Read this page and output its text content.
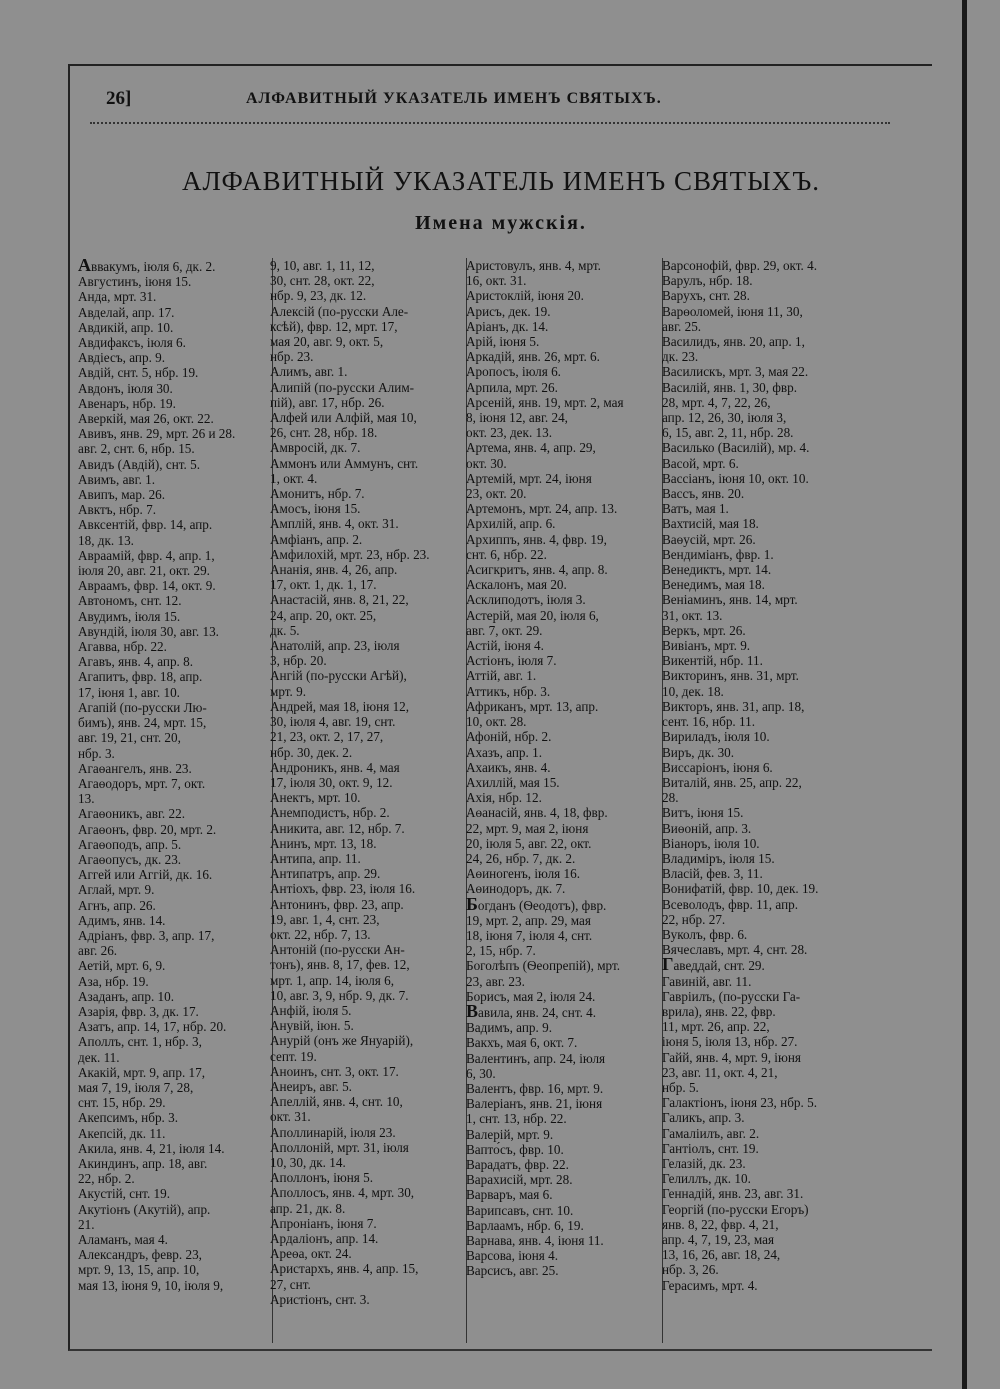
26]	АЛФАВИТНЫЙ УКАЗАТЕЛЬ ИМЕНЪ СВЯТЫХЪ.
АЛФАВИТНЫЙ УКАЗАТЕЛЬ ИМЕНЪ СВЯТЫХЪ.
Имена мужскія.
Аввакумъ, іюля 6, дк. 2.
Августинъ, іюня 15.
Анда, мрт. 31.
Авделай, апр. 17.
Авдикій, апр. 10.
Авдифаксъ, іюля 6.
Авдіесъ, апр. 9.
Авдій, снт. 5, нбр. 19.
Авдонъ, іюля 30.
Авенаръ, нбр. 19.
Аверкій, мая 26, окт. 22.
Авивъ, янв. 29, мрт. 26 и 28.
авг. 2, снт. 6, нбр. 15.
Авидъ (Авдій), снт. 5.
Авимъ, авг. 1.
Авипъ, мар. 26.
Авктъ, нбр. 7.
Авксентій, фвр. 14, апр.
18, дк. 13.
Авраамій, фвр. 4, апр. 1,
іюля 20, авг. 21, окт. 29.
Авраамъ, фвр. 14, окт. 9.
Автономъ, снт. 12.
Авудимъ, іюля 15.
Авундій, іюля 30, авг. 13.
Агавва, нбр. 22.
Агавъ, янв. 4, апр. 8.
Агапитъ, фвр. 18, апр.
17, іюня 1, авг. 10.
Агапій (по-русски Лю-
бимъ), янв. 24, мрт. 15,
авг. 19, 21, снт. 20,
нбр. 3.
Агаѳангелъ, янв. 23.
Агаѳодоръ, мрт. 7, окт.
13.
Агаѳоникъ, авг. 22.
Агаѳонъ, фвр. 20, мрт. 2.
Агаѳоподъ, апр. 5.
Агаѳопусъ, дк. 23.
Аггей или Аггій, дк. 16.
Аглай, мрт. 9.
Агнъ, апр. 26.
Адимъ, янв. 14.
Адріанъ, фвр. 3, апр. 17,
авг. 26.
Аетій, мрт. 6, 9.
Аза, нбр. 19.
Азаданъ, апр. 10.
Азарія, фвр. 3, дк. 17.
Азатъ, апр. 14, 17, нбр. 20.
Аполлъ, снт. 1, нбр. 3,
дек. 11.
Акакій, мрт. 9, апр. 17,
мая 7, 19, іюля 7, 28,
снт. 15, нбр. 29.
Акепсимъ, нбр. 3.
Акепсій, дк. 11.
Акила, янв. 4, 21, іюля 14.
Акиндинъ, апр. 18, авг.
22, нбр. 2.
Акустій, снт. 19.
Акутіонъ (Акутій), апр.
21.
Аламанъ, мая 4.
Александръ, февр. 23,
мрт. 9, 13, 15, апр. 10,
мая 13, іюня 9, 10, іюля 9,
9, 10, авг. 1, 11, 12,
30, снт. 28, окт. 22,
нбр. 9, 23, дк. 12.
Алексій (по-русски Але-
ксѣй), фвр. 12, мрт. 17,
мая 20, авг. 9, окт. 5,
нбр. 23.
Алимъ, авг. 1.
Алипій (по-русски Алим-
пій), авг. 17, нбр. 26.
Алфей или Алфій, мая 10,
26, снт. 28, нбр. 18.
Амвросій, дк. 7.
Аммонъ или Аммунъ, снт.
1, окт. 4.
Амонитъ, нбр. 7.
Амосъ, іюня 15.
Амплій, янв. 4, окт. 31.
Амфіанъ, апр. 2.
Амфилохій, мрт. 23, нбр. 23.
Ананія, янв. 4, 26, апр.
17, окт. 1, дк. 1, 17.
Анастасій, янв. 8, 21, 22,
24, апр. 20, окт. 25,
дк. 5.
Анатолій, апр. 23, іюля
3, нбр. 20.
Ангій (по-русски Агѣй),
мрт. 9.
Андрей, мая 18, іюня 12,
30, іюля 4, авг. 19, снт.
21, 23, окт. 2, 17, 27,
нбр. 30, дек. 2.
Андроникъ, янв. 4, мая
17, іюля 30, окт. 9, 12.
Анектъ, мрт. 10.
Анемподистъ, нбр. 2.
Аникита, авг. 12, нбр. 7.
Анинъ, мрт. 13, 18.
Антипа, апр. 11.
Антипатръ, апр. 29.
Антіохъ, фвр. 23, іюля 16.
Антонинъ, фвр. 23, апр.
19, авг. 1, 4, снт. 23,
окт. 22, нбр. 7, 13.
Антоній (по-русски Ан-
тонъ), янв. 8, 17, фев. 12,
мрт. 1, апр. 14, іюля 6,
10, авг. 3, 9, нбр. 9, дк. 7.
Анфій, іюля 5.
Анувій, іюн. 5.
Анурій (онъ же Януарій),
септ. 19.
Аноинъ, снт. 3, окт. 17.
Анеиръ, авг. 5.
Апеллій, янв. 4, снт. 10,
окт. 31.
Аполлинарій, іюля 23.
Аполлоній, мрт. 31, іюля
10, 30, дк. 14.
Аполлонъ, іюня 5.
Аполлосъ, янв. 4, мрт. 30,
апр. 21, дк. 8.
Апроніанъ, іюня 7.
Ардаліонъ, апр. 14.
Ареѳа, окт. 24.
Аристархъ, янв. 4, апр. 15,
27, снт.
Аристіонъ, снт. 3.
Аристовулъ, янв. 4, мрт.
16, окт. 31.
Аристоклій, іюня 20.
Арисъ, дек. 19.
Аріанъ, дк. 14.
Арій, іюня 5.
Аркадій, янв. 26, мрт. 6.
Аропосъ, іюля 6.
Арпила, мрт. 26.
Арсеній, янв. 19, мрт. 2, мая
8, іюня 12, авг. 24,
окт. 23, дек. 13.
Артема, янв. 4, апр. 29,
окт. 30.
Артемій, мрт. 24, іюня
23, окт. 20.
Артемонъ, мрт. 24, апр. 13.
Архилій, апр. 6.
Архиппъ, янв. 4, фвр. 19,
снт. 6, нбр. 22.
Асигкритъ, янв. 4, апр. 8.
Аскалонъ, мая 20.
Асклиподотъ, іюля 3.
Астерій, мая 20, іюля 6,
авг. 7, окт. 29.
Астій, іюня 4.
Астіонъ, іюля 7.
Аттій, авг. 1.
Аттикъ, нбр. 3.
Африканъ, мрт. 13, апр.
10, окт. 28.
Афоній, нбр. 2.
Ахазъ, апр. 1.
Ахаикъ, янв. 4.
Ахиллій, мая 15.
Ахія, нбр. 12.
Аѳанасій, янв. 4, 18, фвр.
22, мрт. 9, мая 2, іюня
20, іюля 5, авг. 22, окт.
24, 26, нбр. 7, дк. 2.
Аѳиногенъ, іюля 16.
Аѳинодоръ, дк. 7.
Богданъ (Ѳеодотъ), фвр.
19, мрт. 2, апр. 29, мая
18, іюня 7, іюля 4, снт.
2, 15, нбр. 7.
Боголѣпъ (Ѳеопрепій), мрт.
23, авг. 23.
Борисъ, мая 2, іюля 24.
Вавила, янв. 24, снт. 4.
Вадимъ, апр. 9.
Вакхъ, мая 6, окт. 7.
Валентинъ, апр. 24, іюля
6, 30.
Валентъ, фвр. 16, мрт. 9.
Валеріанъ, янв. 21, іюня
1, снт. 13, нбр. 22.
Валерій, мрт. 9.
Вапто́съ, фвр. 10.
Варадатъ, фвр. 22.
Варахисій, мрт. 28.
Варваръ, мая 6.
Варипсавъ, снт. 10.
Варлаамъ, нбр. 6, 19.
Варнава, янв. 4, іюня 11.
Варсова, іюня 4.
Варсисъ, авг. 25.
Варсонофій, фвр. 29, окт. 4.
Варулъ, нбр. 18.
Варухъ, снт. 28.
Варѳоломей, іюня 11, 30,
авг. 25.
Василидъ, янв. 20, апр. 1,
дк. 23.
Василискъ, мрт. 3, мая 22.
Василій, янв. 1, 30, фвр.
28, мрт. 4, 7, 22, 26,
апр. 12, 26, 30, іюля 3,
6, 15, авг. 2, 11, нбр. 28.
Василько (Василій), мр. 4.
Васой, мрт. 6.
Вассіанъ, іюня 10, окт. 10.
Вассъ, янв. 20.
Ватъ, мая 1.
Вахтисій, мая 18.
Ваѳусій, мрт. 26.
Вендиміанъ, фвр. 1.
Венедиктъ, мрт. 14.
Венедимъ, мая 18.
Веніаминъ, янв. 14, мрт.
31, окт. 13.
Веркъ, мрт. 26.
Вивіанъ, мрт. 9.
Викентій, нбр. 11.
Викторинъ, янв. 31, мрт.
10, дек. 18.
Викторъ, янв. 31, апр. 18,
сент. 16, нбр. 11.
Вириладъ, іюля 10.
Виръ, дк. 30.
Виссаріонъ, іюня 6.
Виталій, янв. 25, апр. 22,
28.
Витъ, іюня 15.
Виѳоній, апр. 3.
Віаноръ, іюля 10.
Владиміръ, іюля 15.
Власій, фев. 3, 11.
Вонифатій, фвр. 10, дек. 19.
Всеволодъ, фвр. 11, апр.
22, нбр. 27.
Вуколъ, фвр. 6.
Вячеславъ, мрт. 4, снт. 28.
Гаведдай, снт. 29.
Гавиній, авг. 11.
Гавріилъ, (по-русски Га-
врила), янв. 22, фвр.
11, мрт. 26, апр. 22,
іюня 5, іюля 13, нбр. 27.
Гайй, янв. 4, мрт. 9, іюня
23, авг. 11, окт. 4, 21,
нбр. 5.
Галактіонъ, іюня 23, нбр. 5.
Галикъ, апр. 3.
Гамаліилъ, авг. 2.
Гантіолъ, снт. 19.
Гелазій, дк. 23.
Гелиллъ, дк. 10.
Геннадій, янв. 23, авг. 31.
Георгій (по-русски Егоръ)
янв. 8, 22, фвр. 4, 21,
апр. 4, 7, 19, 23, мая
13, 16, 26, авг. 18, 24,
нбр. 3, 26.
Герасимъ, мрт. 4.
